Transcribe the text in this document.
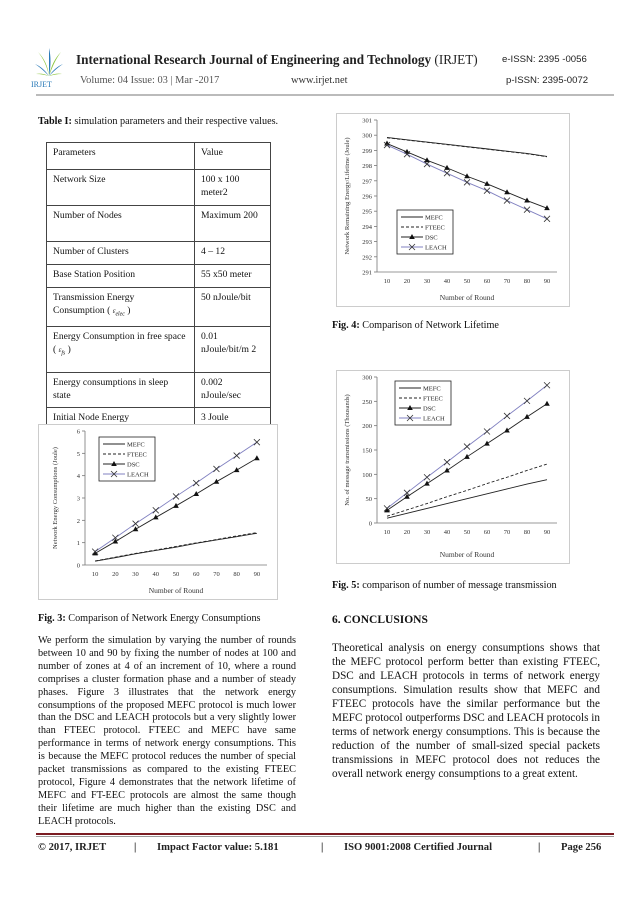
IRJET
International Research Journal of Engineering and Technology (IRJET)	e-ISSN: 2395 -0056
Volume: 04 Issue: 03 | Mar -2017	www.irjet.net	p-ISSN: 2395-0072
Table I: simulation parameters and their respective values.
Parameters	Value
Network Size	100 x 100 meter2
Number of Nodes	Maximum 200
Number of Clusters	4 – 12
Base Station Position	55 x50 meter
Transmission Energy Consumption ( $\varepsilon_{elec}$ )	50 nJoule/bit
Energy Consumption in free space ( $\varepsilon_{fs}$ )	0.01 nJoule/bit/m 2
Energy consumptions in sleep state	0.002 nJoule/sec
Initial Node Energy	3 Joule
0
1
2
3
4
5
6
10 20 30 40 50 60 70 80 90
Number of Round
Network Energy Consumptions (Joule)
MEFC
FTEEC
DSC
LEACH
Fig. 3: Comparison of Network Energy Consumptions
We perform the simulation by varying the number of rounds between 10 and 90 by fixing the number of nodes at 100 and number of zones at 4 of an increment of 10, where a round comprises a cluster formation phase and a number of steady phases. Figure 3 illustrates that the network energy consumptions of the proposed MEFC protocol is much lower than the DSC and LEACH protocols but a very slightly lower than FTEEC protocol. FTEEC and MEFC have same performance in terms of network energy consumptions. This is because the MEFC protocol reduces the number of special packet transmissions as compared to the existing FTEEC protocol, Figure 4 demonstrates that the network lifetime of MEFC and FT-EEC protocols are almost the same though their lifetime are much higher than the existing DSC and LEACH protocols.
291
292
293
294
295
296
297
298
299
300
301
10 20 30 40 50 60 70 80 90
Number of Round
Network Remaining Energy/Lifetime (Joule)	MEFC
FTEEC
DSC
LEACH
Fig. 4: Comparison of Network Lifetime
0
50
100
150
200
250
300
10 20 30 40 50 60 70 80 90
Number of Round
No. of message transmissions (Thousands)
MEFC
FTEEC
DSC
LEACH
Fig. 5: comparison of number of message transmission
6. CONCLUSIONS
Theoretical analysis on energy consumptions shows that the MEFC protocol perform better than existing FTEEC, DSC and LEACH protocols in terms of network energy consumptions. Simulation results show that MEFC and FTEEC protocols have the similar performance but the MEFC protocol outperforms DSC and LEACH protocols in terms of network energy consumptions. This is because the reduction of the number of small-sized special packets transmissions in MEFC protocol does not reduces the overall network energy consumptions to a great extent.
© 2017, IRJET	| Impact Factor value: 5.181	| ISO 9001:2008 Certified Journal	| Page 256
